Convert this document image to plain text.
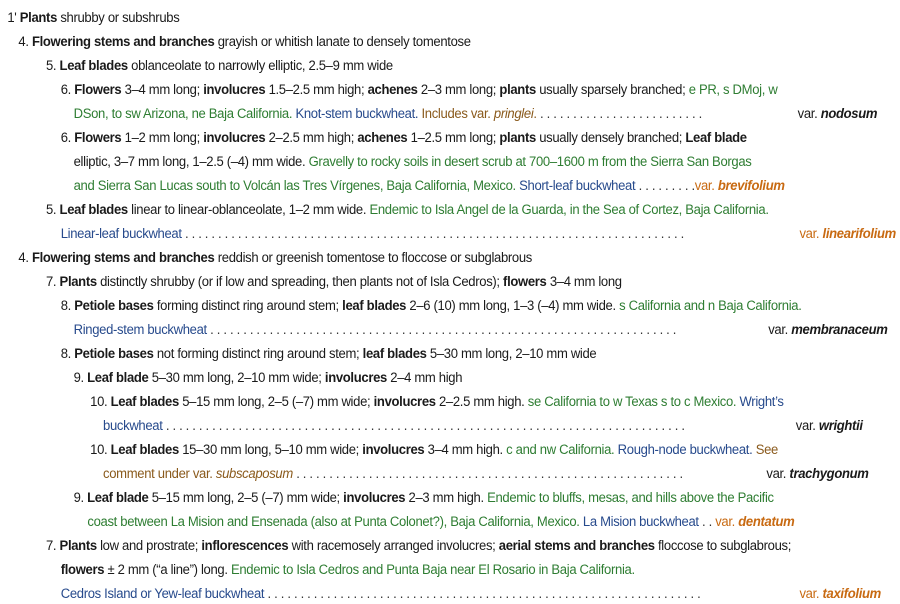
1' Plants shrubby or subshrubs
4. Flowering stems and branches grayish or whitish lanate to densely tomentose
5. Leaf blades oblanceolate to narrowly elliptic, 2.5–9 mm wide
6. Flowers 3–4 mm long; involucres 1.5–2.5 mm high; achenes 2–3 mm long; plants usually sparsely branched; e PR, s DMoj, w
DSon, to sw Arizona, ne Baja California. Knot-stem buckwheat. Includes var. pringlei. . . . . . . . . . . . . . . . . . . . . . . . . .	var. nodosum
6. Flowers 1–2 mm long; involucres 2–2.5 mm high; achenes 1–2.5 mm long; plants usually densely branched; Leaf blade
elliptic, 3–7 mm long, 1–2.5 (–4) mm wide. Gravelly to rocky soils in desert scrub at 700–1600 m from the Sierra San Borgas
and Sierra San Lucas south to Volcán las Tres Vírgenes, Baja California, Mexico. Short-leaf buckwheat . . . . . . . . .var. brevifolium
5. Leaf blades linear to linear-oblanceolate, 1–2 mm wide. Endemic to Isla Angel de la Guarda, in the Sea of Cortez, Baja California.
Linear-leaf buckwheat . . . . . . . . . . . . . . . . . . . . . . . . . . . . . . . . . . . . . . . . . . . . . . . . . . . . . . . . . . . . . . . . . . . . . . . . . . . .	var. linearifolium
4. Flowering stems and branches reddish or greenish tomentose to floccose or subglabrous
7. Plants distinctly shrubby (or if low and spreading, then plants not of Isla Cedros); flowers 3–4 mm long
8. Petiole bases forming distinct ring around stem; leaf blades 2–6 (10) mm long, 1–3 (–4) mm wide. s California and n Baja California.
Ringed-stem buckwheat . . . . . . . . . . . . . . . . . . . . . . . . . . . . . . . . . . . . . . . . . . . . . . . . . . . . . . . . . . . . . . . . . . . . . . .	var. membranaceum
8. Petiole bases not forming distinct ring around stem; leaf blades 5–30 mm long, 2–10 mm wide
9. Leaf blade 5–30 mm long, 2–10 mm wide; involucres 2–4 mm high
10. Leaf blades 5–15 mm long, 2–5 (–7) mm wide; involucres 2–2.5 mm high. se California to w Texas s to c Mexico. Wright’s
buckwheat . . . . . . . . . . . . . . . . . . . . . . . . . . . . . . . . . . . . . . . . . . . . . . . . . . . . . . . . . . . . . . . . . . . . . . . . . . . . . . .	var. wrightii
10. Leaf blades 15–30 mm long, 5–10 mm wide; involucres 3–4 mm high. c and nw California. Rough-node buckwheat. See
comment under var. subscaposum . . . . . . . . . . . . . . . . . . . . . . . . . . . . . . . . . . . . . . . . . . . . . . . . . . . . . . . . . . .	var. trachygonum
9. Leaf blade 5–15 mm long, 2–5 (–7) mm wide; involucres 2–3 mm high. Endemic to bluffs, mesas, and hills above the Pacific
coast between La Mision and Ensenada (also at Punta Colonet?), Baja California, Mexico. La Mision buckwheat . . var. dentatum
7. Plants low and prostrate; inflorescences with racemosely arranged involucres; aerial stems and branches floccose to subglabrous;
flowers ± 2 mm (“a line”) long. Endemic to Isla Cedros and Punta Baja near El Rosario in Baja California.
Cedros Island or Yew-leaf buckwheat . . . . . . . . . . . . . . . . . . . . . . . . . . . . . . . . . . . . . . . . . . . . . . . . . . . . . . . . . . . . . . . . . .	var. taxifolium
